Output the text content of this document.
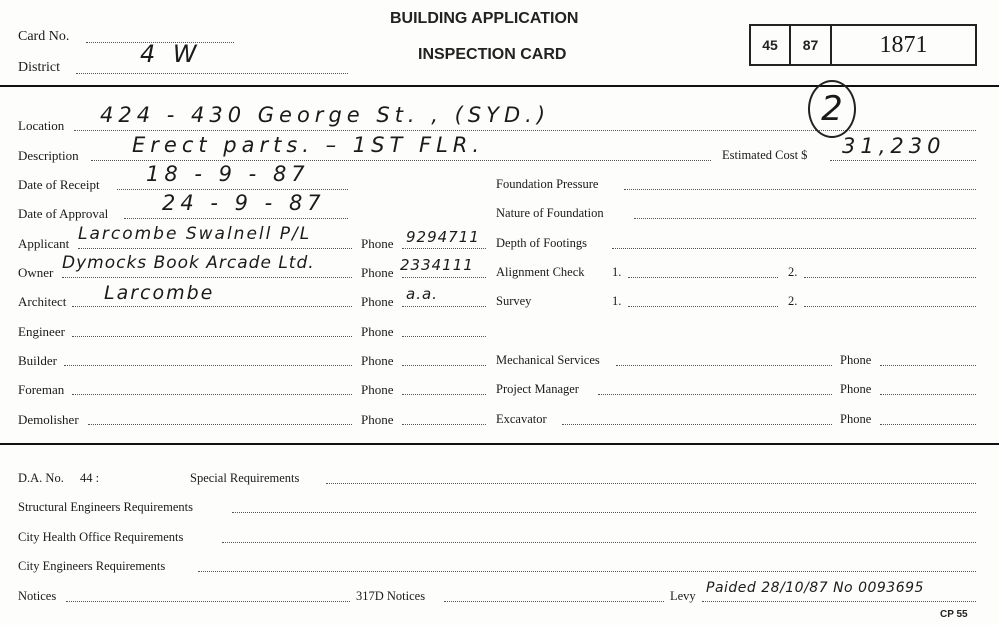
Card No.
District	4 W
BUILDING APPLICATION
INSPECTION CARD
45	87	1871
Location 424 - 430 George St. , (SYD.)	2
Description	Erect parts. – 1ST FLR.	Estimated Cost $ 31,230
Date of Receipt 18 - 9 - 87
Date of Approval	24 - 9 - 87
Applicant Larcombe Swalnell P/L	Phone 9294711
Owner Dymocks Book Arcade Ltd.	Phone 2334111
Architect Larcombe	Phone a.a.
Engineer	Phone
Builder	Phone
Foreman	Phone
Demolisher	Phone
Foundation Pressure
Nature of Foundation
Depth of Footings
Alignment Check 1.	2.
Survey	1.	2.
Mechanical Services	Phone
Project Manager	Phone
Excavator	Phone
D.A. No. 44 :	Special Requirements
Structural Engineers Requirements
City Health Office Requirements
City Engineers Requirements
Notices	317D Notices	Levy Paided 28/10/87 No 0093695
CP 55
